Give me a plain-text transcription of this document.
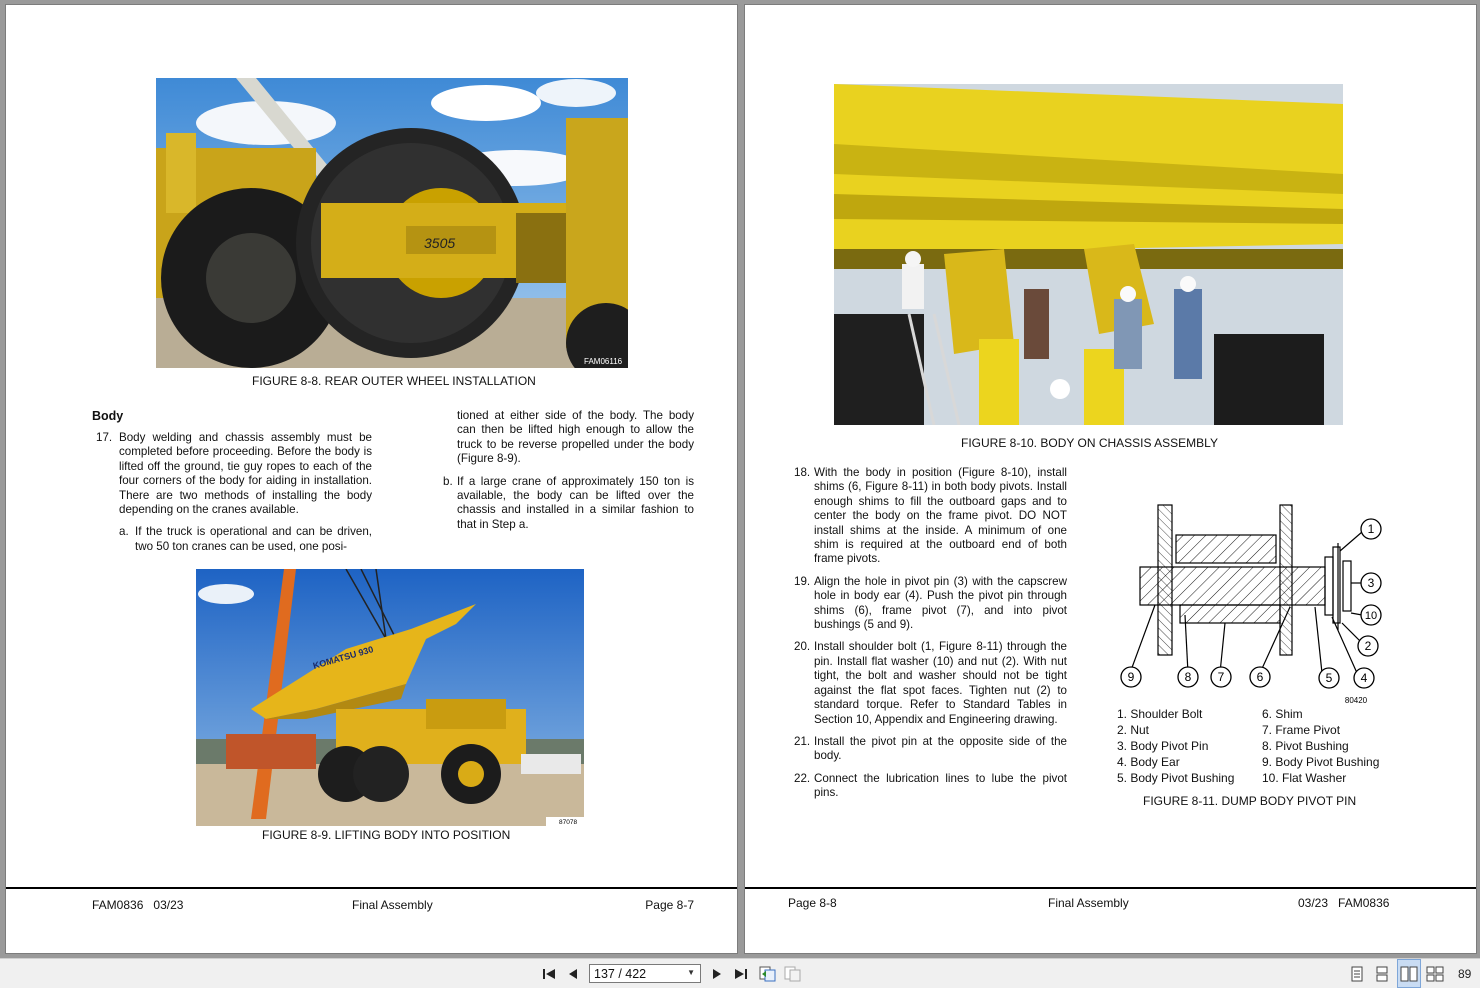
3505
FAM06116
FIGURE 8-8. REAR OUTER WHEEL INSTALLATION
Body
17. Body welding and chassis assembly must be completed before proceeding. Before the body is lifted off the ground, tie guy ropes to each of the four corners of the body for aiding in installation. There are two methods of installing the body depending on the cranes available.
a. If the truck is operational and can be driven, two 50 ton cranes can be used, one posi-
tioned at either side of the body. The body can then be lifted high enough to allow the truck to be reverse propelled under the body (Figure 8-9).
b. If a large crane of approximately 150 ton is available, the body can be lifted over the chassis and installed in a similar fashion to that in Step a.
KOMATSU 930
87078
FIGURE 8-9. LIFTING BODY INTO POSITION
FAM0836 03/23	Final Assembly	Page 8-7
FIGURE 8-10. BODY ON CHASSIS ASSEMBLY
18. With the body in position (Figure 8-10), install shims (6, Figure 8-11) in both body pivots. Install enough shims to fill the outboard gaps and to center the body on the frame pivot. DO NOT install shims at the inside. A minimum of one shim is required at the outboard end of both frame pivots.
19. Align the hole in pivot pin (3) with the capscrew hole in body ear (4). Push the pivot pin through shims (6), frame pivot (7), and into pivot bushings (5 and 9).
20. Install shoulder bolt (1, Figure 8-11) through the pin. Install flat washer (10) and nut (2). With nut tight, the bolt and washer should not be tight against the flat spot faces. Tighten nut (2) to standard torque. Refer to Standard Tables in Section 10, Appendix and Engineering drawing.
21. Install the pivot pin at the opposite side of the body.
22. Connect the lubrication lines to lube the pivot pins.
1
3
10
2
4
5
6
7
8
9
80420
1. Shoulder Bolt
2. Nut
3. Body Pivot Pin
4. Body Ear
5. Body Pivot Bushing
6. Shim
7. Frame Pivot
8. Pivot Bushing
9. Body Pivot Bushing
10. Flat Washer
FIGURE 8-11. DUMP BODY PIVOT PIN
Page 8-8	Final Assembly	03/23 FAM0836
137 / 422	▼	89
